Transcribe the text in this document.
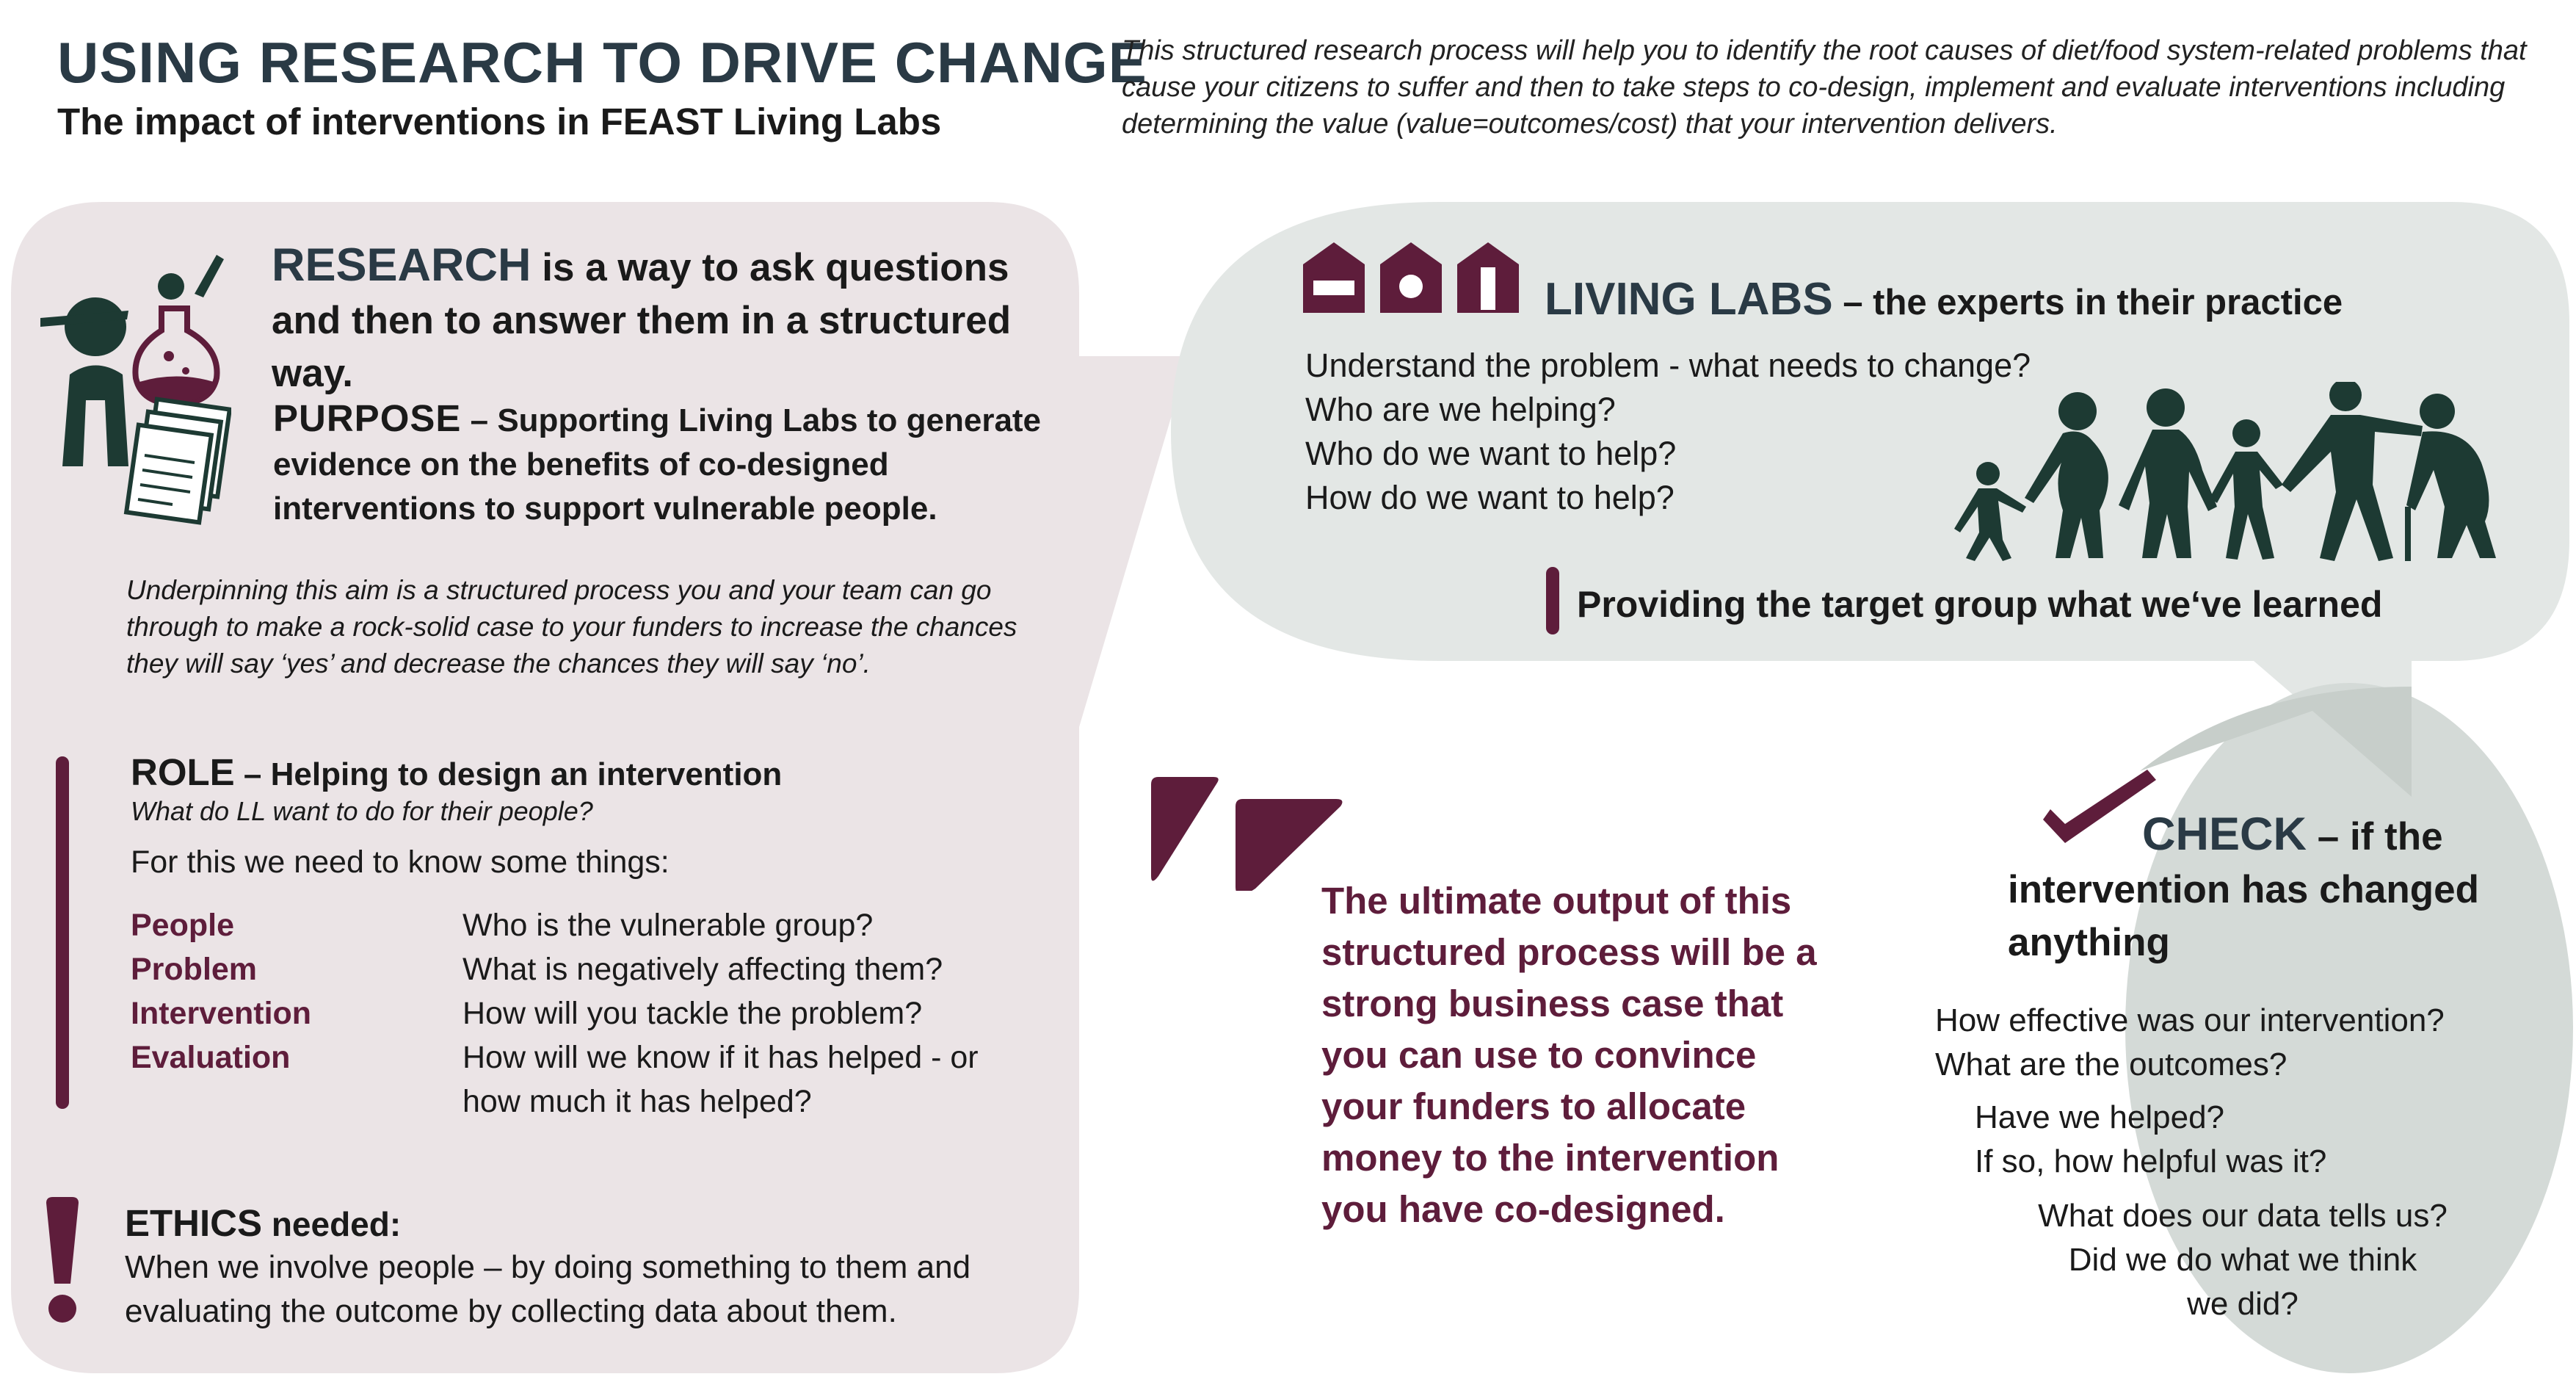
USING RESEARCH TO DRIVE CHANGE
The impact of interventions in FEAST Living Labs
This structured research process will help you to identify the root causes of diet/food system-related problems that cause your citizens to suffer and then to take steps to co-design, implement and evaluate interventions including determining the value (value=outcomes/cost) that your intervention delivers.
RESEARCH is a way to ask questions and then to answer them in a structured way.
PURPOSE – Supporting Living Labs to generate evidence on the benefits of co-designed interventions to support vulnerable people.
Underpinning this aim is a structured process you and your team can go through to make a rock-solid case to your funders to increase the chances they will say ‘yes’ and decrease the chances they will say ‘no’.
ROLE – Helping to design an intervention
What do LL want to do for their people?
For this we need to know some things:
People	Who is the vulnerable group?
Problem	What is negatively affecting them?
Intervention	How will you tackle the problem?
Evaluation	How will we know if it has helped - or how much it has helped?
ETHICS needed:
When we involve people – by doing something to them and evaluating the outcome by collecting data about them.
LIVING LABS – the experts in their practice
Understand the problem - what needs to change?
Who are we helping?
Who do we want to help?
How do we want to help?
Providing the target group what we‘ve learned
The ultimate output of this structured process will be a strong business case that you can use to convince your funders to allocate money to the intervention you have co-designed.
CHECK – if the intervention has changed anything
How effective was our intervention?
What are the outcomes?
Have we helped?
If so, how helpful was it?
What does our data tells us?
Did we do what we think
we did?
